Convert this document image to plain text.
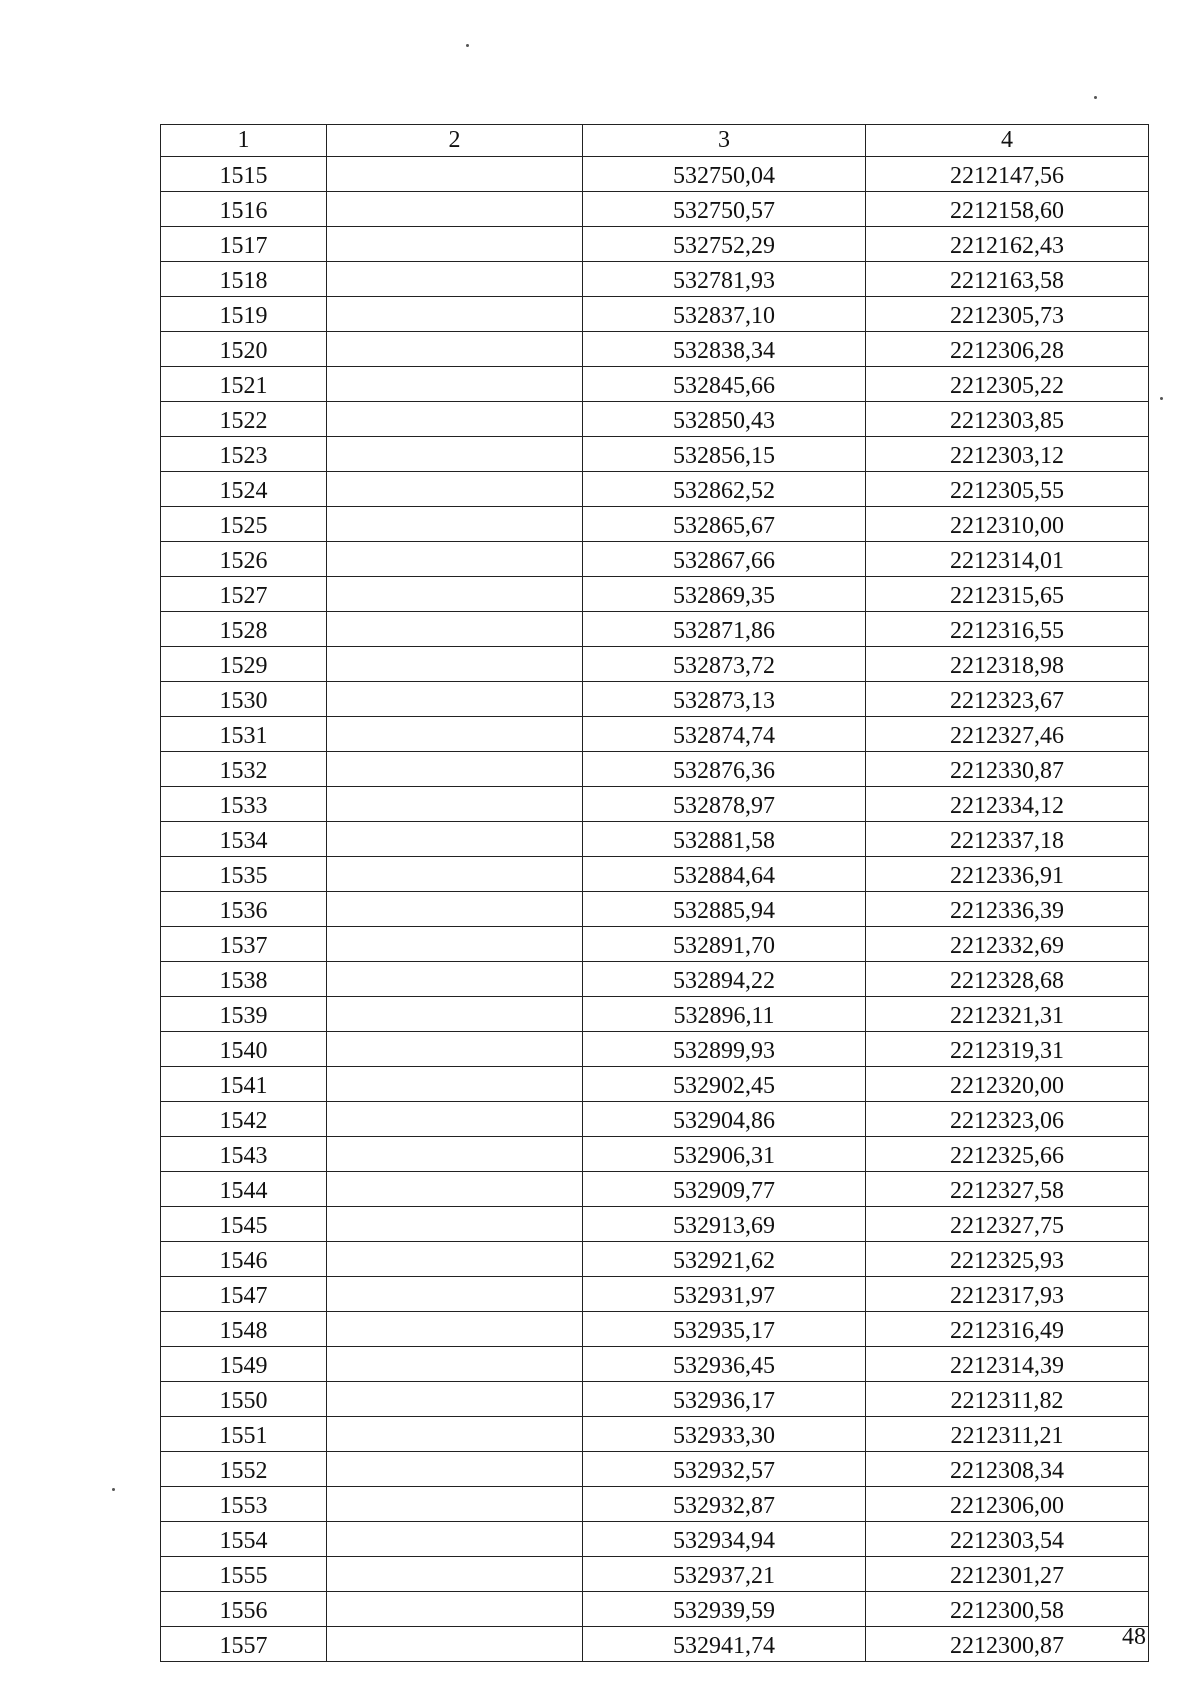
1	2	3	4
1515		532750,04	2212147,56
1516		532750,57	2212158,60
1517		532752,29	2212162,43
1518		532781,93	2212163,58
1519		532837,10	2212305,73
1520		532838,34	2212306,28
1521		532845,66	2212305,22
1522		532850,43	2212303,85
1523		532856,15	2212303,12
1524		532862,52	2212305,55
1525		532865,67	2212310,00
1526		532867,66	2212314,01
1527		532869,35	2212315,65
1528		532871,86	2212316,55
1529		532873,72	2212318,98
1530		532873,13	2212323,67
1531		532874,74	2212327,46
1532		532876,36	2212330,87
1533		532878,97	2212334,12
1534		532881,58	2212337,18
1535		532884,64	2212336,91
1536		532885,94	2212336,39
1537		532891,70	2212332,69
1538		532894,22	2212328,68
1539		532896,11	2212321,31
1540		532899,93	2212319,31
1541		532902,45	2212320,00
1542		532904,86	2212323,06
1543		532906,31	2212325,66
1544		532909,77	2212327,58
1545		532913,69	2212327,75
1546		532921,62	2212325,93
1547		532931,97	2212317,93
1548		532935,17	2212316,49
1549		532936,45	2212314,39
1550		532936,17	2212311,82
1551		532933,30	2212311,21
1552		532932,57	2212308,34
1553		532932,87	2212306,00
1554		532934,94	2212303,54
1555		532937,21	2212301,27
1556		532939,59	2212300,58
1557		532941,74	2212300,87 48
